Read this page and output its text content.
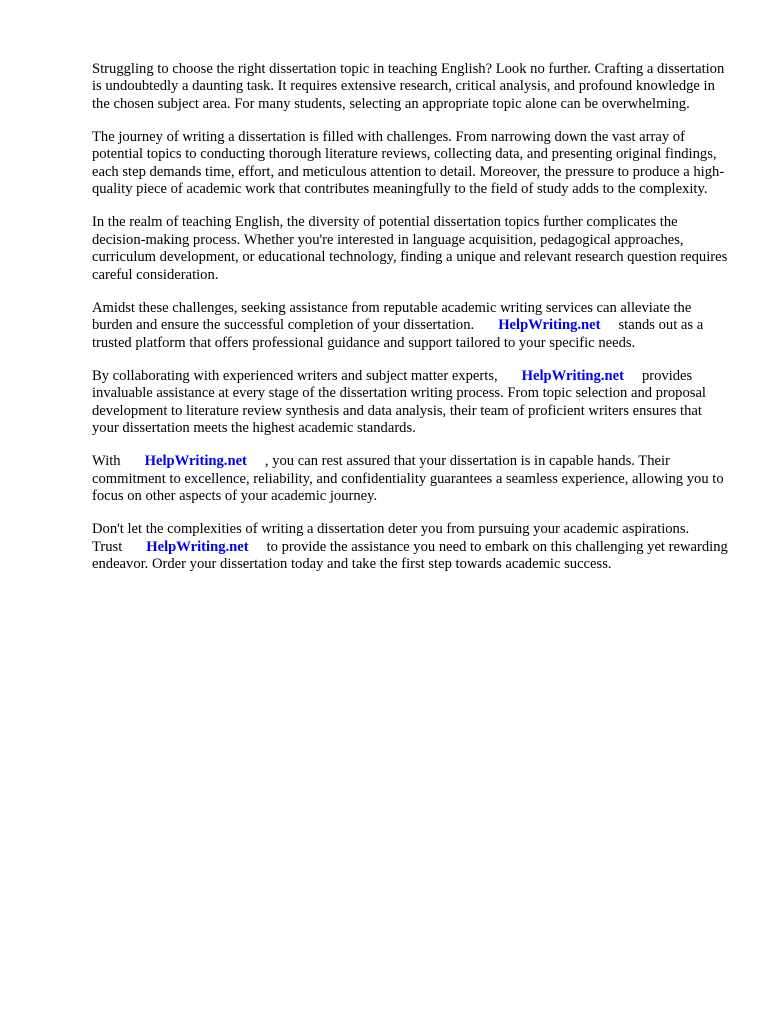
Struggling to choose the right dissertation topic in teaching English? Look no further. Crafting a dissertation is undoubtedly a daunting task. It requires extensive research, critical analysis, and profound knowledge in the chosen subject area. For many students, selecting an appropriate topic alone can be overwhelming.

The journey of writing a dissertation is filled with challenges. From narrowing down the vast array of potential topics to conducting thorough literature reviews, collecting data, and presenting original findings, each step demands time, effort, and meticulous attention to detail. Moreover, the pressure to produce a high-quality piece of academic work that contributes meaningfully to the field of study adds to the complexity.

In the realm of teaching English, the diversity of potential dissertation topics further complicates the decision-making process. Whether you're interested in language acquisition, pedagogical approaches, curriculum development, or educational technology, finding a unique and relevant research question requires careful consideration.

Amidst these challenges, seeking assistance from reputable academic writing services can alleviate the burden and ensure the successful completion of your dissertation. HelpWriting.net stands out as a trusted platform that offers professional guidance and support tailored to your specific needs.

By collaborating with experienced writers and subject matter experts, HelpWriting.net provides invaluable assistance at every stage of the dissertation writing process. From topic selection and proposal development to literature review synthesis and data analysis, their team of proficient writers ensures that your dissertation meets the highest academic standards.

With HelpWriting.net , you can rest assured that your dissertation is in capable hands. Their commitment to excellence, reliability, and confidentiality guarantees a seamless experience, allowing you to focus on other aspects of your academic journey.

Don't let the complexities of writing a dissertation deter you from pursuing your academic aspirations. Trust HelpWriting.net to provide the assistance you need to embark on this challenging yet rewarding endeavor. Order your dissertation today and take the first step towards academic success.
